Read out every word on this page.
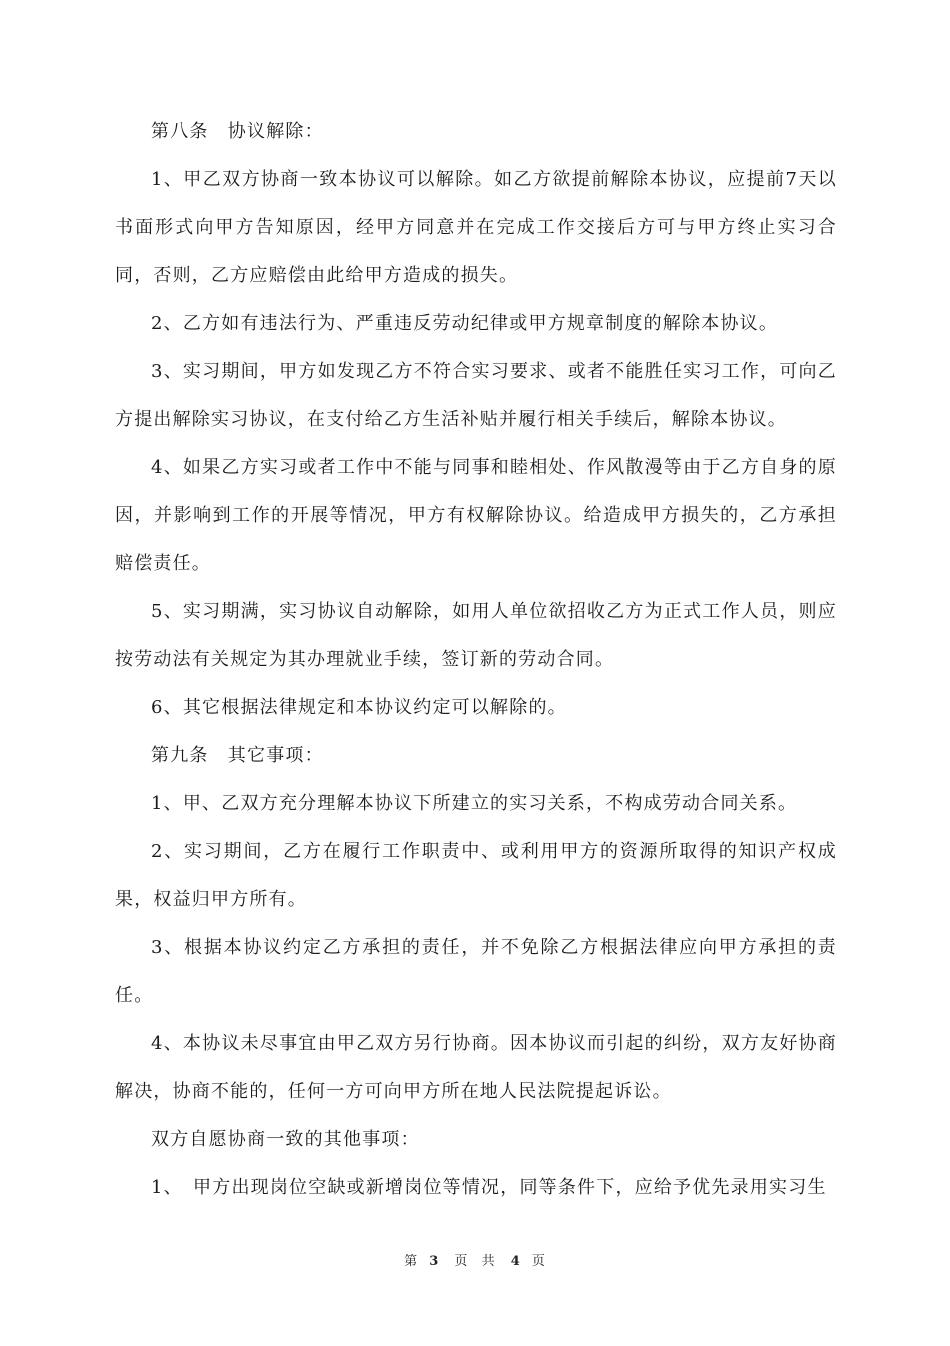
第八条　协议解除：

1、甲乙双方协商一致本协议可以解除。如乙方欲提前解除本协议，应提前7天以书面形式向甲方告知原因，经甲方同意并在完成工作交接后方可与甲方终止实习合同，否则，乙方应赔偿由此给甲方造成的损失。

2、乙方如有违法行为、严重违反劳动纪律或甲方规章制度的解除本协议。

3、实习期间，甲方如发现乙方不符合实习要求、或者不能胜任实习工作，可向乙方提出解除实习协议，在支付给乙方生活补贴并履行相关手续后，解除本协议。

4、如果乙方实习或者工作中不能与同事和睦相处、作风散漫等由于乙方自身的原因，并影响到工作的开展等情况，甲方有权解除协议。给造成甲方损失的，乙方承担赔偿责任。

5、实习期满，实习协议自动解除，如用人单位欲招收乙方为正式工作人员，则应按劳动法有关规定为其办理就业手续，签订新的劳动合同。

6、其它根据法律规定和本协议约定可以解除的。

第九条　其它事项：

1、甲、乙双方充分理解本协议下所建立的实习关系，不构成劳动合同关系。

2、实习期间，乙方在履行工作职责中、或利用甲方的资源所取得的知识产权成果，权益归甲方所有。

3、根据本协议约定乙方承担的责任，并不免除乙方根据法律应向甲方承担的责任。

4、本协议未尽事宜由甲乙双方另行协商。因本协议而引起的纠纷，双方友好协商解决，协商不能的，任何一方可向甲方所在地人民法院提起诉讼。

双方自愿协商一致的其他事项：

1、　甲方出现岗位空缺或新增岗位等情况，同等条件下，应给予优先录用实习生

第 3 页 共 4 页
